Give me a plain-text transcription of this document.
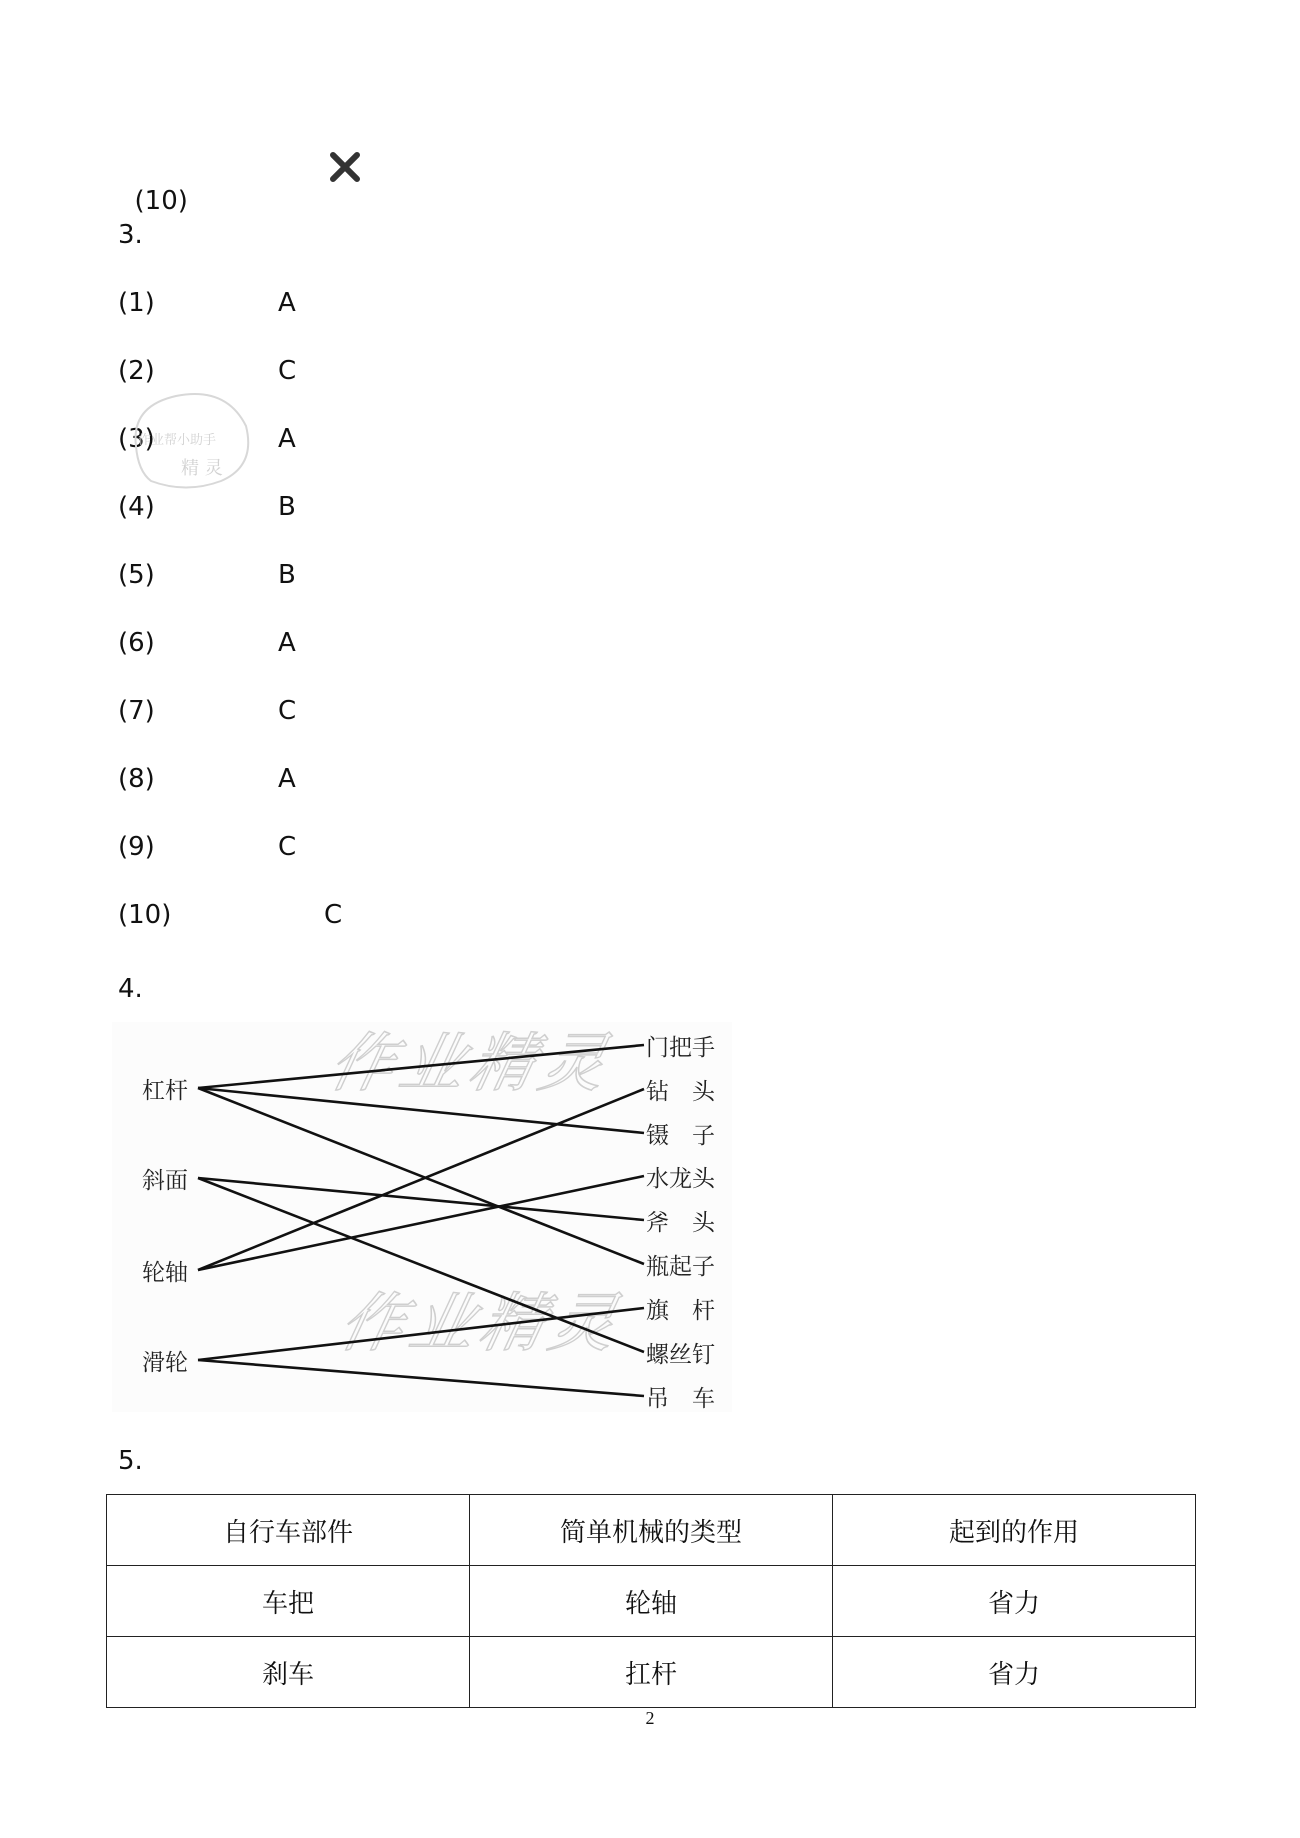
(10)

3.
(1)	A
(2)	C
(3)	A
(4)	B
(5)	B
(6)	A
(7)	C
(8)	A
(9)	C
(10)	C
作业帮小助手
精 灵
4.
作业精灵
作业精灵
杠杆
斜面
轮轴
滑轮
门把手
钻　头
镊　子
水龙头
斧　头
瓶起子
旗　杆
螺丝钉
吊　车
5.
自行车部件	简单机械的类型	起到的作用
车把	轮轴	省力
刹车	扛杆	省力
2
